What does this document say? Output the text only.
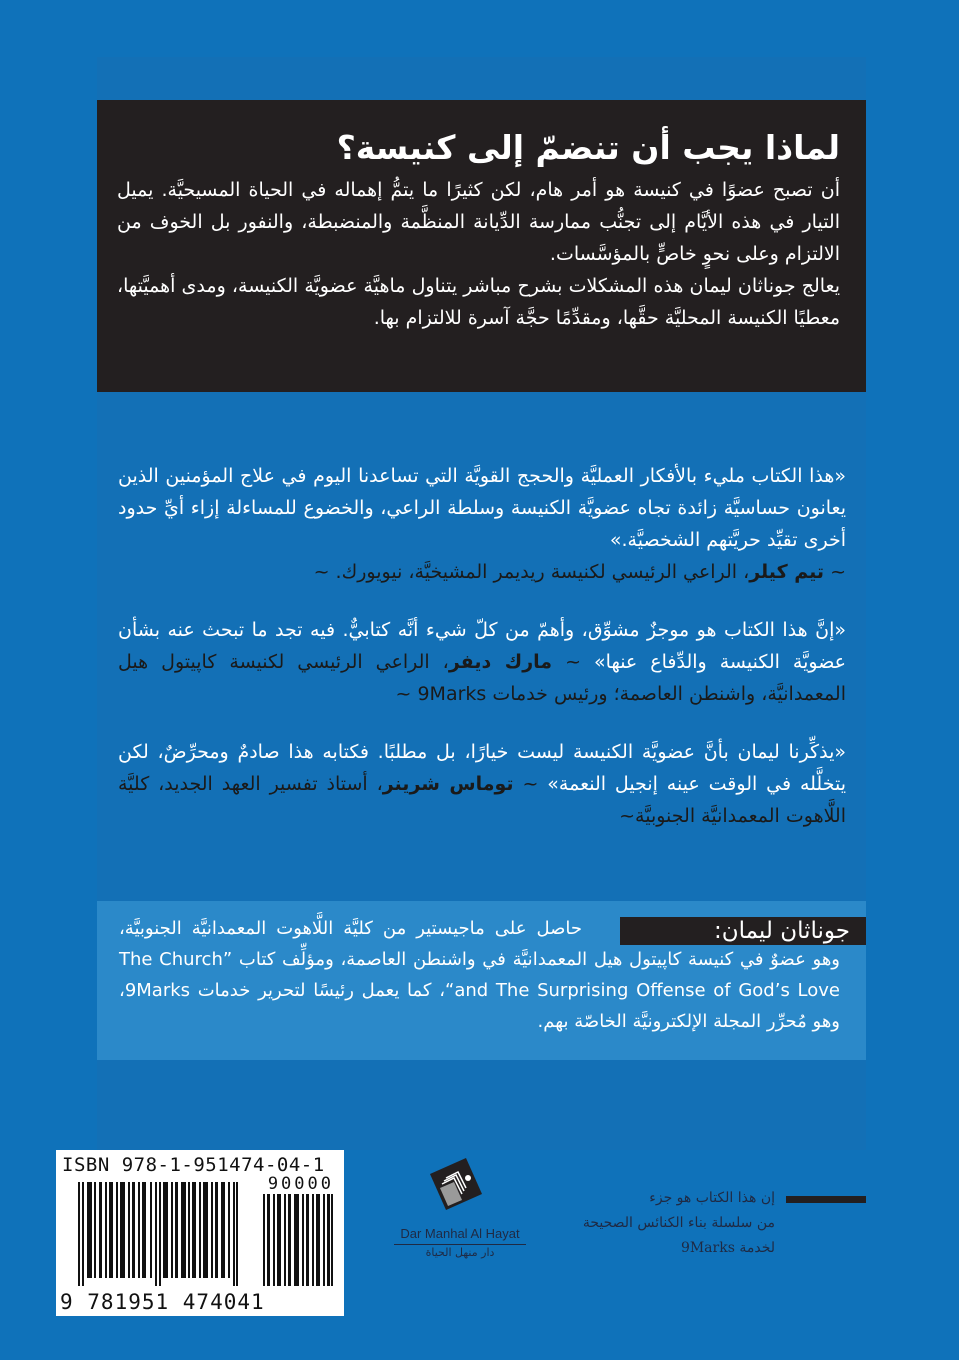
لماذا يجب أن تنضمّ إلى كنيسة؟

أن تصبح عضوًا في كنيسة هو أمر هام، لكن كثيرًا ما يتمُّ إهماله في الحياة المسيحيَّة. يميل التيار في هذه الأيَّام إلى تجنُّب ممارسة الدِّيانة المنظَّمة والمنضبطة، والنفور بل الخوف من الالتزام وعلى نحوٍ خاصٍّ بالمؤسَّسات.

يعالج جوناثان ليمان هذه المشكلات بشرح مباشر يتناول ماهيَّة عضويَّة الكنيسة، ومدى أهميَّتها، معطيًا الكنيسة المحليَّة حقَّها، ومقدِّمًا حجَّة آسرة للالتزام بها.

«هذا الكتاب مليء بالأفكار العمليَّة والحجج القويَّة التي تساعدنا اليوم في علاج المؤمنين الذين يعانون حساسيَّة زائدة تجاه عضويَّة الكنيسة وسلطة الراعي، والخضوع للمساءلة إزاء أيِّ حدود أخرى تقيِّد حريَّتهم الشخصيَّة.»
~ تيم كيلر، الراعي الرئيسي لكنيسة ريديمر المشيخيَّة، نيويورك. ~

«إنَّ هذا الكتاب هو موجزٌ مشوِّق، وأهمّ من كلّ شيء أنَّه كتابيٌّ. فيه تجد ما تبحث عنه بشأن عضويَّة الكنيسة والدِّفاع عنها» ~ مارك ديفر، الراعي الرئيسي لكنيسة كاپيتول هيل المعمدانيَّة، واشنطن العاصمة؛ ورئيس خدمات 9Marks ~

«يذكِّرنا ليمان بأنَّ عضويَّة الكنيسة ليست خيارًا، بل مطلبًا. فكتابه هذا صادمٌ ومحرِّضٌ، لكن يتخلَّله في الوقت عينه إنجيل النعمة» ~ توماس شرينر، أستاذ تفسير العهد الجديد، كليَّة اللَّاهوت المعمدانيَّة الجنوبيَّة~

جوناثان ليمان:

حاصل على ماجيستير من كليَّة اللَّاهوت المعمدانيَّة الجنوبيَّة، وهو عضوٌ في كنيسة كاپيتول هيل المعمدانيَّة في واشنطن العاصمة، ومؤلِّف كتاب ”The Church and The Surprising Offense of God’s Love“، كما يعمل رئيسًا لتحرير خدمات 9Marks، وهو مُحرِّر المجلة الإلكترونيَّة الخاصّة بهم.

ISBN 978-1-951474-04-1
90000
9 781951 474041
Dar Manhal Al Hayat
دار منهل الحياة
إن هذا الكتاب هو جزء
من سلسلة بناء الكنائس الصحيحة
لخدمة 9Marks
